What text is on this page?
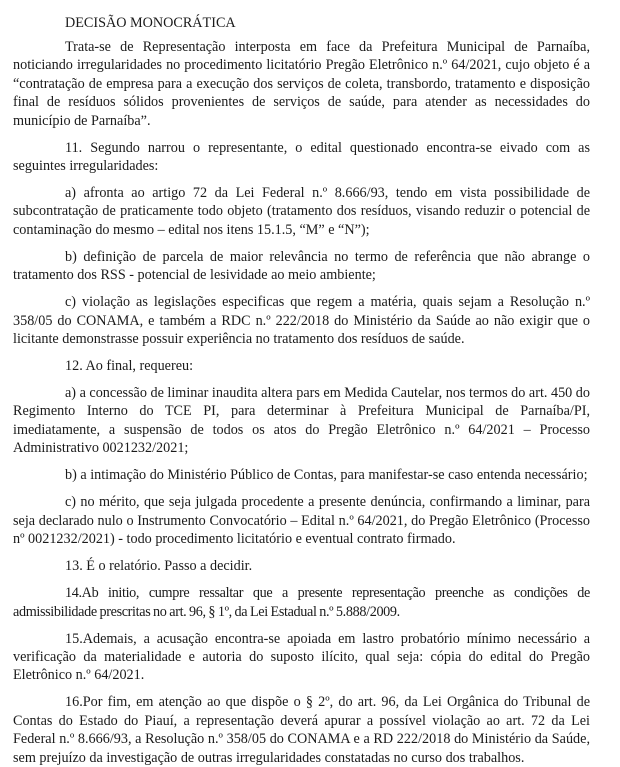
DECISÃO MONOCRÁTICA

Trata-se de Representação interposta em face da Prefeitura Municipal de Parnaíba, noticiando irregularidades no procedimento licitatório Pregão Eletrônico n.º 64/2021, cujo objeto é a “contratação de empresa para a execução dos serviços de coleta, transbordo, tratamento e disposição final de resíduos sólidos provenientes de serviços de saúde, para atender as necessidades do município de Parnaíba”.

11. Segundo narrou o representante, o edital questionado encontra-se eivado com as seguintes irregularidades:

a) afronta ao artigo 72 da Lei Federal n.º 8.666/93, tendo em vista possibilidade de subcontratação de praticamente todo objeto (tratamento dos resíduos, visando reduzir o potencial de contaminação do mesmo – edital nos itens 15.1.5, “M” e “N”);

b) definição de parcela de maior relevância no termo de referência que não abrange o tratamento dos RSS - potencial de lesividade ao meio ambiente;

c) violação as legislações especificas que regem a matéria, quais sejam a Resolução n.º 358/05 do CONAMA, e também a RDC n.º 222/2018 do Ministério da Saúde ao não exigir que o licitante demonstrasse possuir experiência no tratamento dos resíduos de saúde.

12. Ao final, requereu:

a) a concessão de liminar inaudita altera pars em Medida Cautelar, nos termos do art. 450 do Regimento Interno do TCE PI, para determinar à Prefeitura Municipal de Parnaíba/PI, imediatamente, a suspensão de todos os atos do Pregão Eletrônico n.º 64/2021 – Processo Administrativo 0021232/2021;

b) a intimação do Ministério Público de Contas, para manifestar-se caso entenda necessário;

c) no mérito, que seja julgada procedente a presente denúncia, confirmando a liminar, para seja declarado nulo o Instrumento Convocatório – Edital n.º 64/2021, do Pregão Eletrônico (Processo nº 0021232/2021) - todo procedimento licitatório e eventual contrato firmado.

13. É o relatório. Passo a decidir.

14.Ab initio, cumpre ressaltar que a presente representação preenche as condições de admissibilidade prescritas no art. 96, § 1º, da Lei Estadual n.º 5.888/2009.

15.Ademais, a acusação encontra-se apoiada em lastro probatório mínimo necessário a verificação da materialidade e autoria do suposto ilícito, qual seja: cópia do edital do Pregão Eletrônico n.º 64/2021.

16.Por fim, em atenção ao que dispõe o § 2º, do art. 96, da Lei Orgânica do Tribunal de Contas do Estado do Piauí, a representação deverá apurar a possível violação ao art. 72 da Lei Federal n.º 8.666/93, a Resolução n.º 358/05 do CONAMA e a RD 222/2018 do Ministério da Saúde, sem prejuízo da investigação de outras irregularidades constatadas no curso dos trabalhos.
